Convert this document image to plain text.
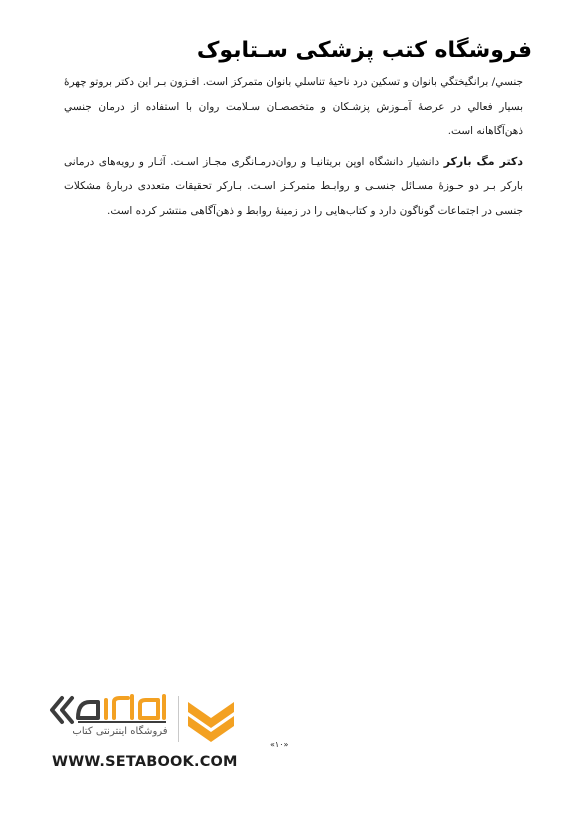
فروشگاه کتب پزشکی سـتابوک

جنسي/ برانگيختگي بانوان و تسکين درد ناحيهٔ تناسلي بانوان متمرکز است. افـزون بـر اين دکتر بروتو چهرهٔ بسيار فعالي در عرصهٔ آمـوزش پزشـکان و متخصصـان سـلامت روان با استفاده از درمان جنسي ذهن‌آگاهانه است.

دکتر مگ بارکر دانشيار دانشگاه اوپن بريتانيـا و روان‌درمـانگری مجـاز اسـت. آثـار و رويه‌های درمانی بارکر بـر دو حـوزهٔ مسـائل جنسـی و روابـط متمرکـز اسـت. بـارکر تحقيقات متعددی دربارهٔ مشکلات جنسی در اجتماعات گوناگون دارد و کتاب‌هايی را در زمينهٔ روابط و ذهن‌آگاهی منتشر کرده است.

فروشگاه اینترنتی کتاب
WWW.SETABOOK.COM
«۱۰»
